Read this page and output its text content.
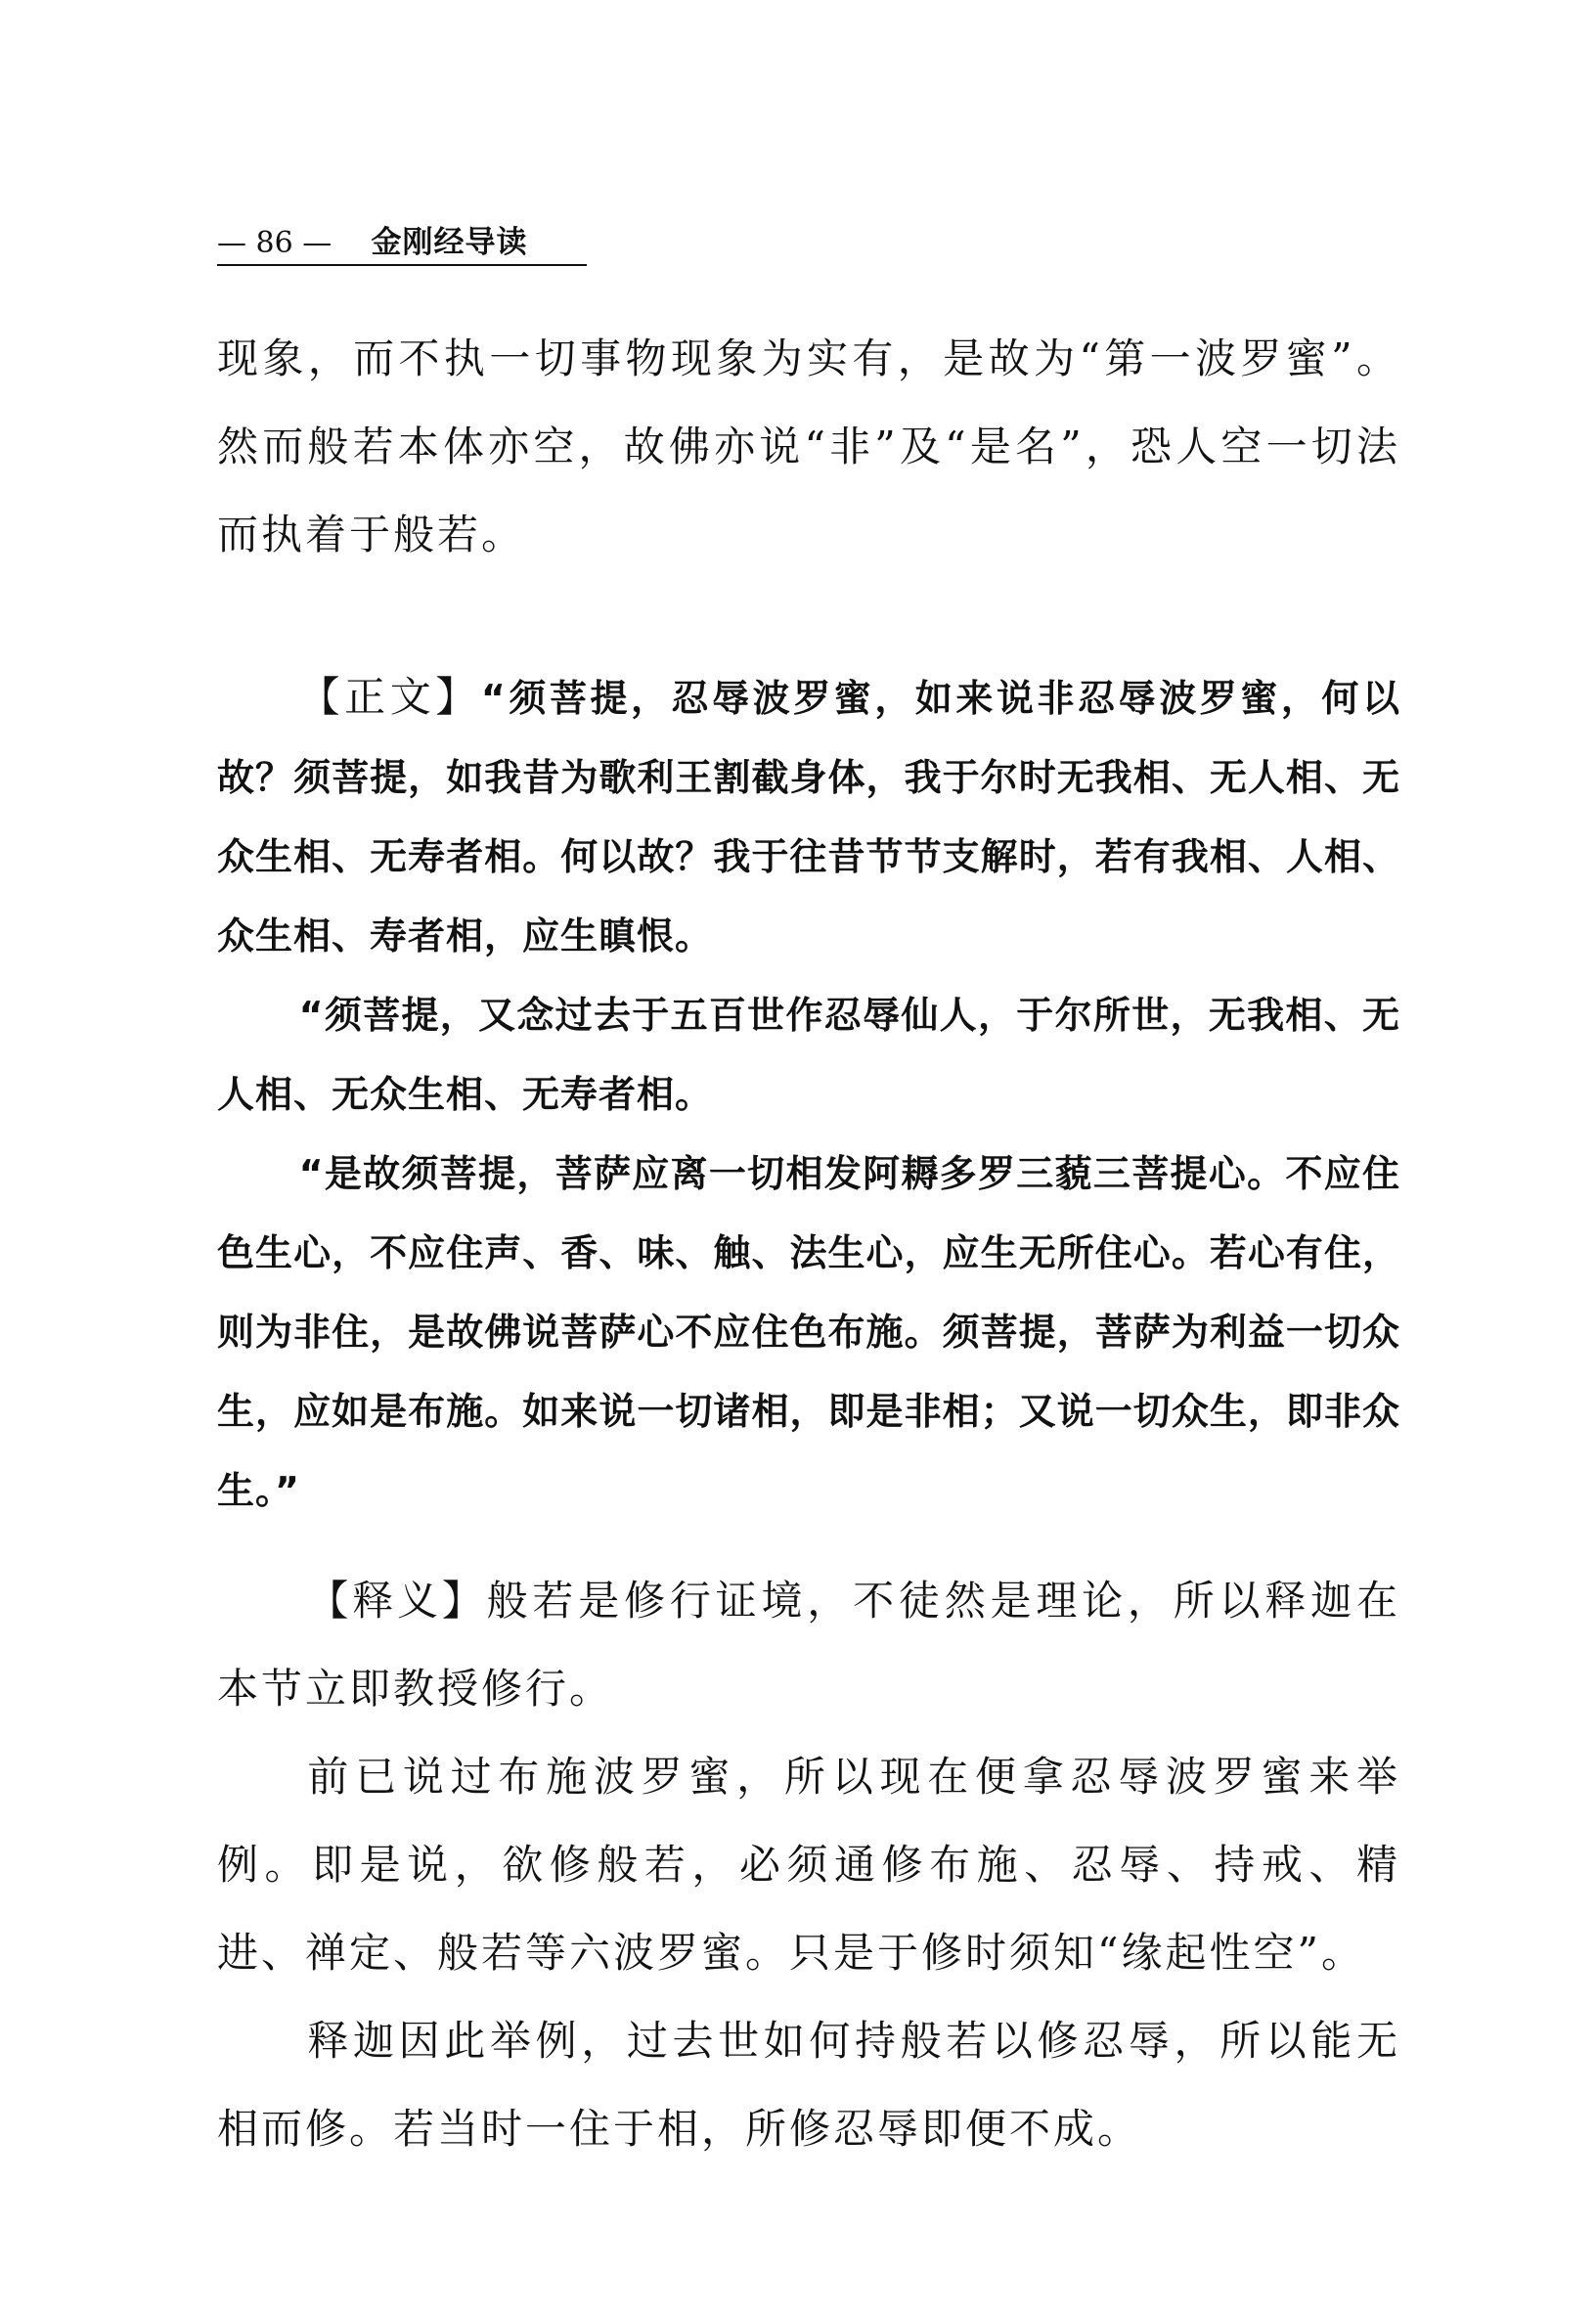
— 86 — 金刚经导读

现象，而不执一切事物现象为实有，是故为“第一波罗蜜”。然而般若本体亦空，故佛亦说“非”及“是名”，恐人空一切法而执着于般若。

【正文】“须菩提，忍辱波罗蜜，如来说非忍辱波罗蜜，何以故？须菩提，如我昔为歌利王割截身体，我于尔时无我相、无人相、无众生相、无寿者相。何以故？我于往昔节节支解时，若有我相、人相、众生相、寿者相，应生瞋恨。

“须菩提，又念过去于五百世作忍辱仙人，于尔所世，无我相、无人相、无众生相、无寿者相。

“是故须菩提，菩萨应离一切相发阿耨多罗三藐三菩提心。不应住色生心，不应住声、香、味、触、法生心，应生无所住心。若心有住，则为非住，是故佛说菩萨心不应住色布施。须菩提，菩萨为利益一切众生，应如是布施。如来说一切诸相，即是非相；又说一切众生，即非众生。”

【释义】般若是修行证境，不徒然是理论，所以释迦在本节立即教授修行。

前已说过布施波罗蜜，所以现在便拿忍辱波罗蜜来举例。即是说，欲修般若，必须通修布施、忍辱、持戒、精进、禅定、般若等六波罗蜜。只是于修时须知“缘起性空”。

释迦因此举例，过去世如何持般若以修忍辱，所以能无相而修。若当时一住于相，所修忍辱即便不成。
